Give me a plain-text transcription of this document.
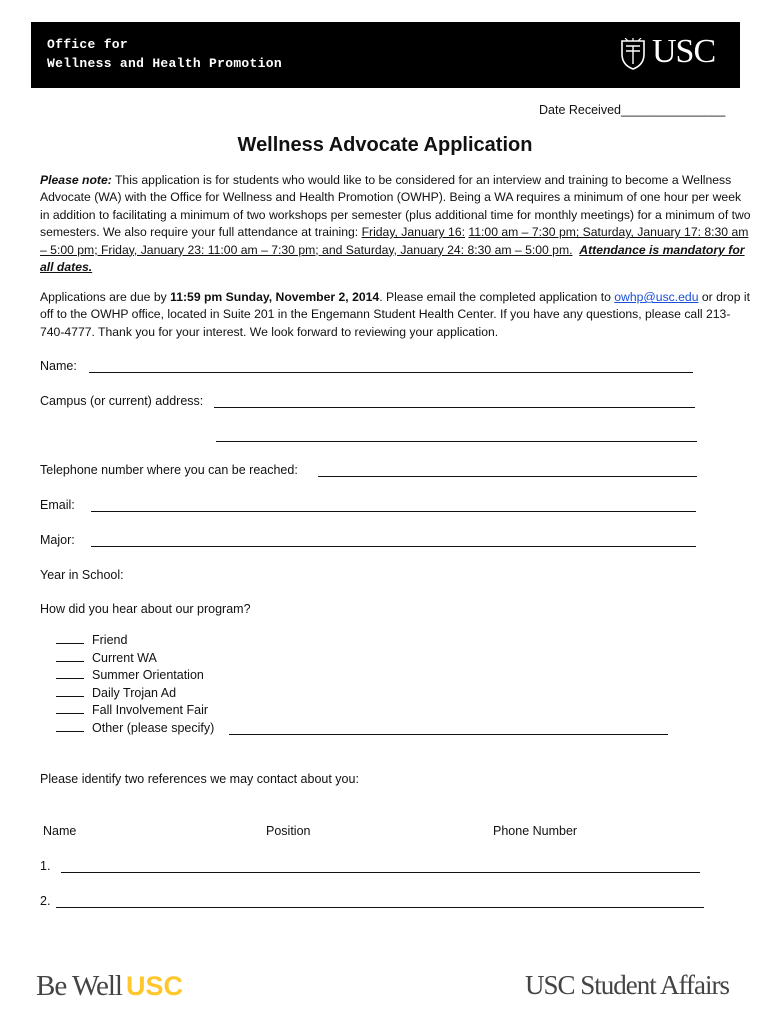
Office for
Wellness and Health Promotion	USC
Date Received_______________
Wellness Advocate Application

Please note: This application is for students who would like to be considered for an interview and training to become a Wellness Advocate (WA) with the Office for Wellness and Health Promotion (OWHP). Being a WA requires a minimum of one hour per week in addition to facilitating a minimum of two workshops per semester (plus additional time for monthly meetings) for a minimum of two semesters. We also require your full attendance at training: Friday, January 16: 11:00 am – 7:30 pm; Saturday, January 17: 8:30 am – 5:00 pm; Friday, January 23: 11:00 am – 7:30 pm; and Saturday, January 24: 8:30 am – 5:00 pm. Attendance is mandatory for all dates.

Applications are due by 11:59 pm Sunday, November 2, 2014. Please email the completed application to owhp@usc.edu or drop it off to the OWHP office, located in Suite 201 in the Engemann Student Health Center. If you have any questions, please call 213-740-4777. Thank you for your interest. We look forward to reviewing your application.

Name:
Campus (or current) address:
Telephone number where you can be reached:
Email:
Major:
Year in School:
How did you hear about our program?
Friend
Current WA
Summer Orientation
Daily Trojan Ad
Fall Involvement Fair
Other (please specify)
Please identify two references we may contact about you:
Name	Position	Phone Number
1.
2.
Be Well USC	USC Student Affairs
